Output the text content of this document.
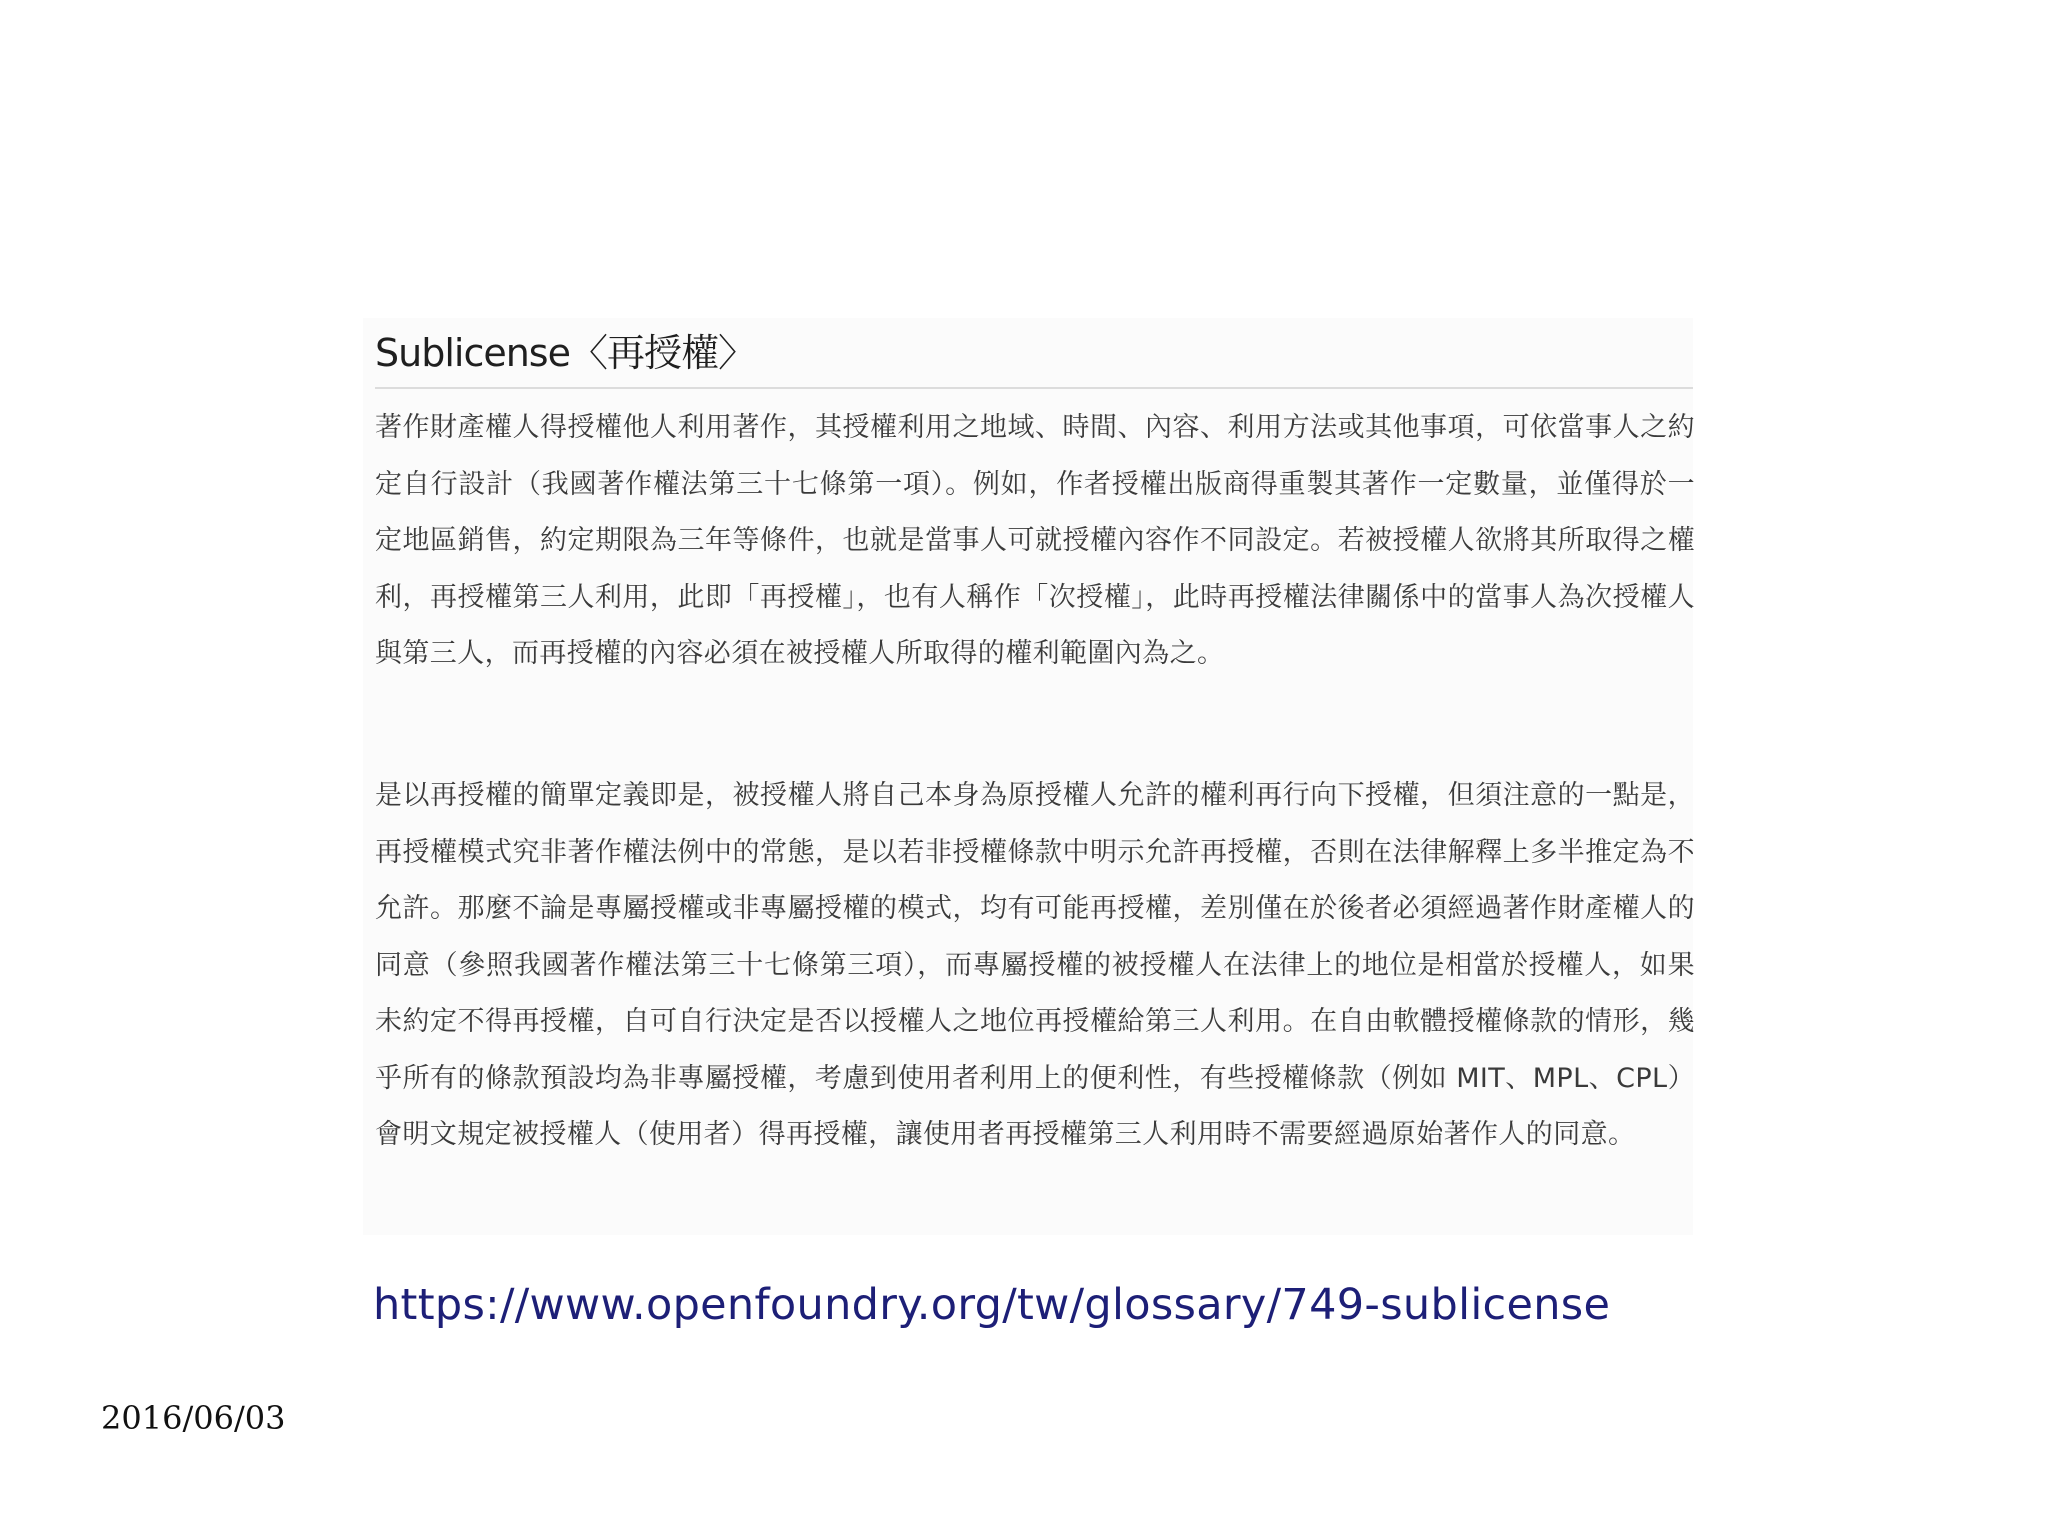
Sublicense〈再授權〉

著作財產權人得授權他人利用著作，其授權利用之地域、時間、內容、利用方法或其他事項，可依當事人之約定自行設計（我國著作權法第三十七條第一項）。例如，作者授權出版商得重製其著作一定數量，並僅得於一定地區銷售，約定期限為三年等條件，也就是當事人可就授權內容作不同設定。若被授權人欲將其所取得之權利，再授權第三人利用，此即「再授權」，也有人稱作「次授權」，此時再授權法律關係中的當事人為次授權人與第三人，而再授權的內容必須在被授權人所取得的權利範圍內為之。

是以再授權的簡單定義即是，被授權人將自己本身為原授權人允許的權利再行向下授權，但須注意的一點是，再授權模式究非著作權法例中的常態，是以若非授權條款中明示允許再授權，否則在法律解釋上多半推定為不允許。那麼不論是專屬授權或非專屬授權的模式，均有可能再授權，差別僅在於後者必須經過著作財產權人的同意（參照我國著作權法第三十七條第三項），而專屬授權的被授權人在法律上的地位是相當於授權人，如果未約定不得再授權，自可自行決定是否以授權人之地位再授權給第三人利用。在自由軟體授權條款的情形，幾乎所有的條款預設均為非專屬授權，考慮到使用者利用上的便利性，有些授權條款（例如 MIT、MPL、CPL）會明文規定被授權人（使用者）得再授權，讓使用者再授權第三人利用時不需要經過原始著作人的同意。

https://www.openfoundry.org/tw/glossary/749-sublicense
2016/06/03
